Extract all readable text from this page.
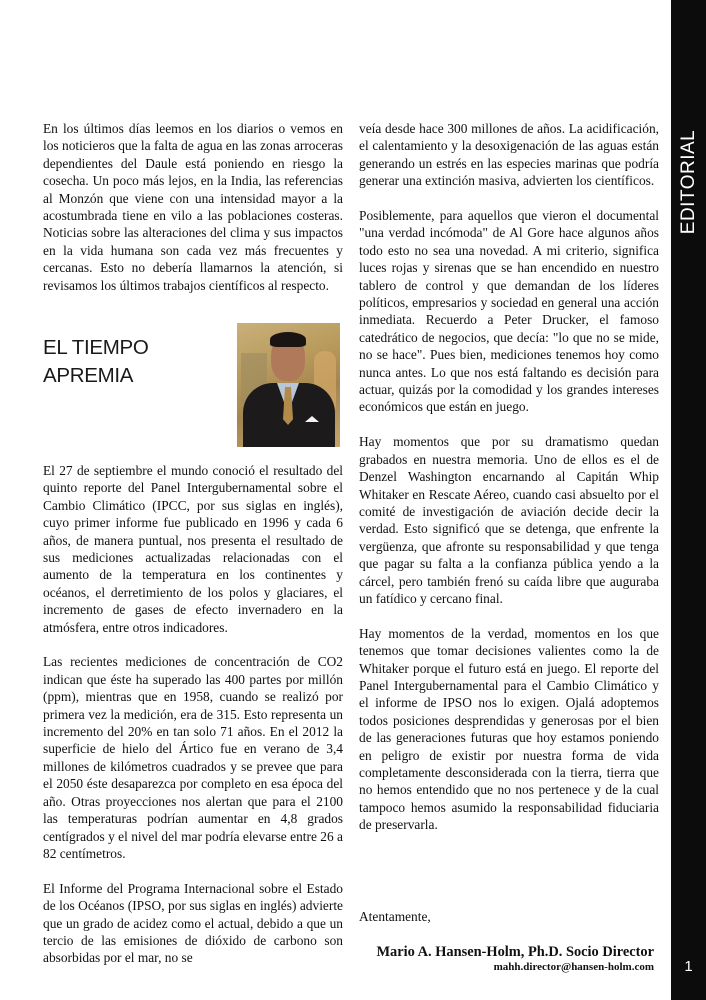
EDITORIAL
1

En los últimos días leemos en los diarios o vemos en los noticieros que la falta de agua en las zonas arroceras dependientes del Daule está poniendo en riesgo la cosecha. Un poco más lejos, en la India, las referencias al Monzón que viene con una intensidad mayor a la acostumbrada tiene en vilo a las poblaciones costeras. Noticias sobre las alteraciones del clima y sus impactos en la vida humana son cada vez más frecuentes y cercanas. Esto no debería llamarnos la atención, si revisamos los últimos trabajos científicos al respecto.

EL TIEMPO
APREMIA

El 27 de septiembre el mundo conoció el resultado del quinto reporte del Panel Intergubernamental sobre el Cambio Climático (IPCC, por sus siglas en inglés), cuyo primer informe fue publicado en 1996 y cada 6 años, de manera puntual, nos presenta el resultado de sus mediciones actualizadas relacionadas con el aumento de la temperatura en los continentes y océanos, el derretimiento de los polos y glaciares, el incremento de gases de efecto invernadero en la atmósfera, entre otros indicadores.

Las recientes mediciones de concentración de CO2 indican que éste ha superado las 400 partes por millón (ppm), mientras que en 1958, cuando se realizó por primera vez la medición, era de 315. Esto representa un incremento del 20% en tan solo 71 años. En el 2012 la superficie de hielo del Ártico fue en verano de 3,4 millones de kilómetros cuadrados y se prevee que para el 2050 éste desaparezca por completo en esa época del año. Otras proyecciones nos alertan que para el 2100 las temperaturas podrían aumentar en 4,8 grados centígrados y el nivel del mar podría elevarse entre 26 a 82 centímetros.

El Informe del Programa Internacional sobre el Estado de los Océanos (IPSO, por sus siglas en inglés) advierte que un grado de acidez como el actual, debido a que un tercio de las emisiones de dióxido de carbono son absorbidas por el mar, no se

veía desde hace 300 millones de años. La acidificación, el calentamiento y la desoxigenación de las aguas están generando un estrés en las especies marinas que podría generar una extinción masiva, advierten los científicos.

Posiblemente, para aquellos que vieron el documental "una verdad incómoda" de Al Gore hace algunos años todo esto no sea una novedad. A mi criterio, significa luces rojas y sirenas que se han encendido en nuestro tablero de control y que demandan de los líderes políticos, empresarios y sociedad en general una acción inmediata. Recuerdo a Peter Drucker, el famoso catedrático de negocios, que decía: "lo que no se mide, no se hace". Pues bien, mediciones tenemos hoy como nunca antes. Lo que nos está faltando es decisión para actuar, quizás por la comodidad y los grandes intereses económicos que están en juego.

Hay momentos que por su dramatismo quedan grabados en nuestra memoria. Uno de ellos es el de Denzel Washington encarnando al Capitán Whip Whitaker en Rescate Aéreo, cuando casi absuelto por el comité de investigación de aviación decide decir la verdad. Esto significó que se detenga, que enfrente la vergüenza, que afronte su responsabilidad y que tenga que pagar su falta a la confianza pública yendo a la cárcel, pero también frenó su caída libre que auguraba un fatídico y cercano final.

Hay momentos de la verdad, momentos en los que tenemos que tomar decisiones valientes como la de Whitaker porque el futuro está en juego. El reporte del Panel Intergubernamental para el Cambio Climático y el informe de IPSO nos lo exigen. Ojalá adoptemos todos posiciones desprendidas y generosas por el bien de las generaciones futuras que hoy estamos poniendo en peligro de existir por nuestra forma de vida completamente desconsiderada con la tierra, tierra que no hemos entendido que no nos pertenece y de la cual tampoco hemos asumido la responsabilidad fiduciaria de preservarla.

Atentamente,
Mario A. Hansen-Holm, Ph.D. Socio Director
mahh.director@hansen-holm.com
